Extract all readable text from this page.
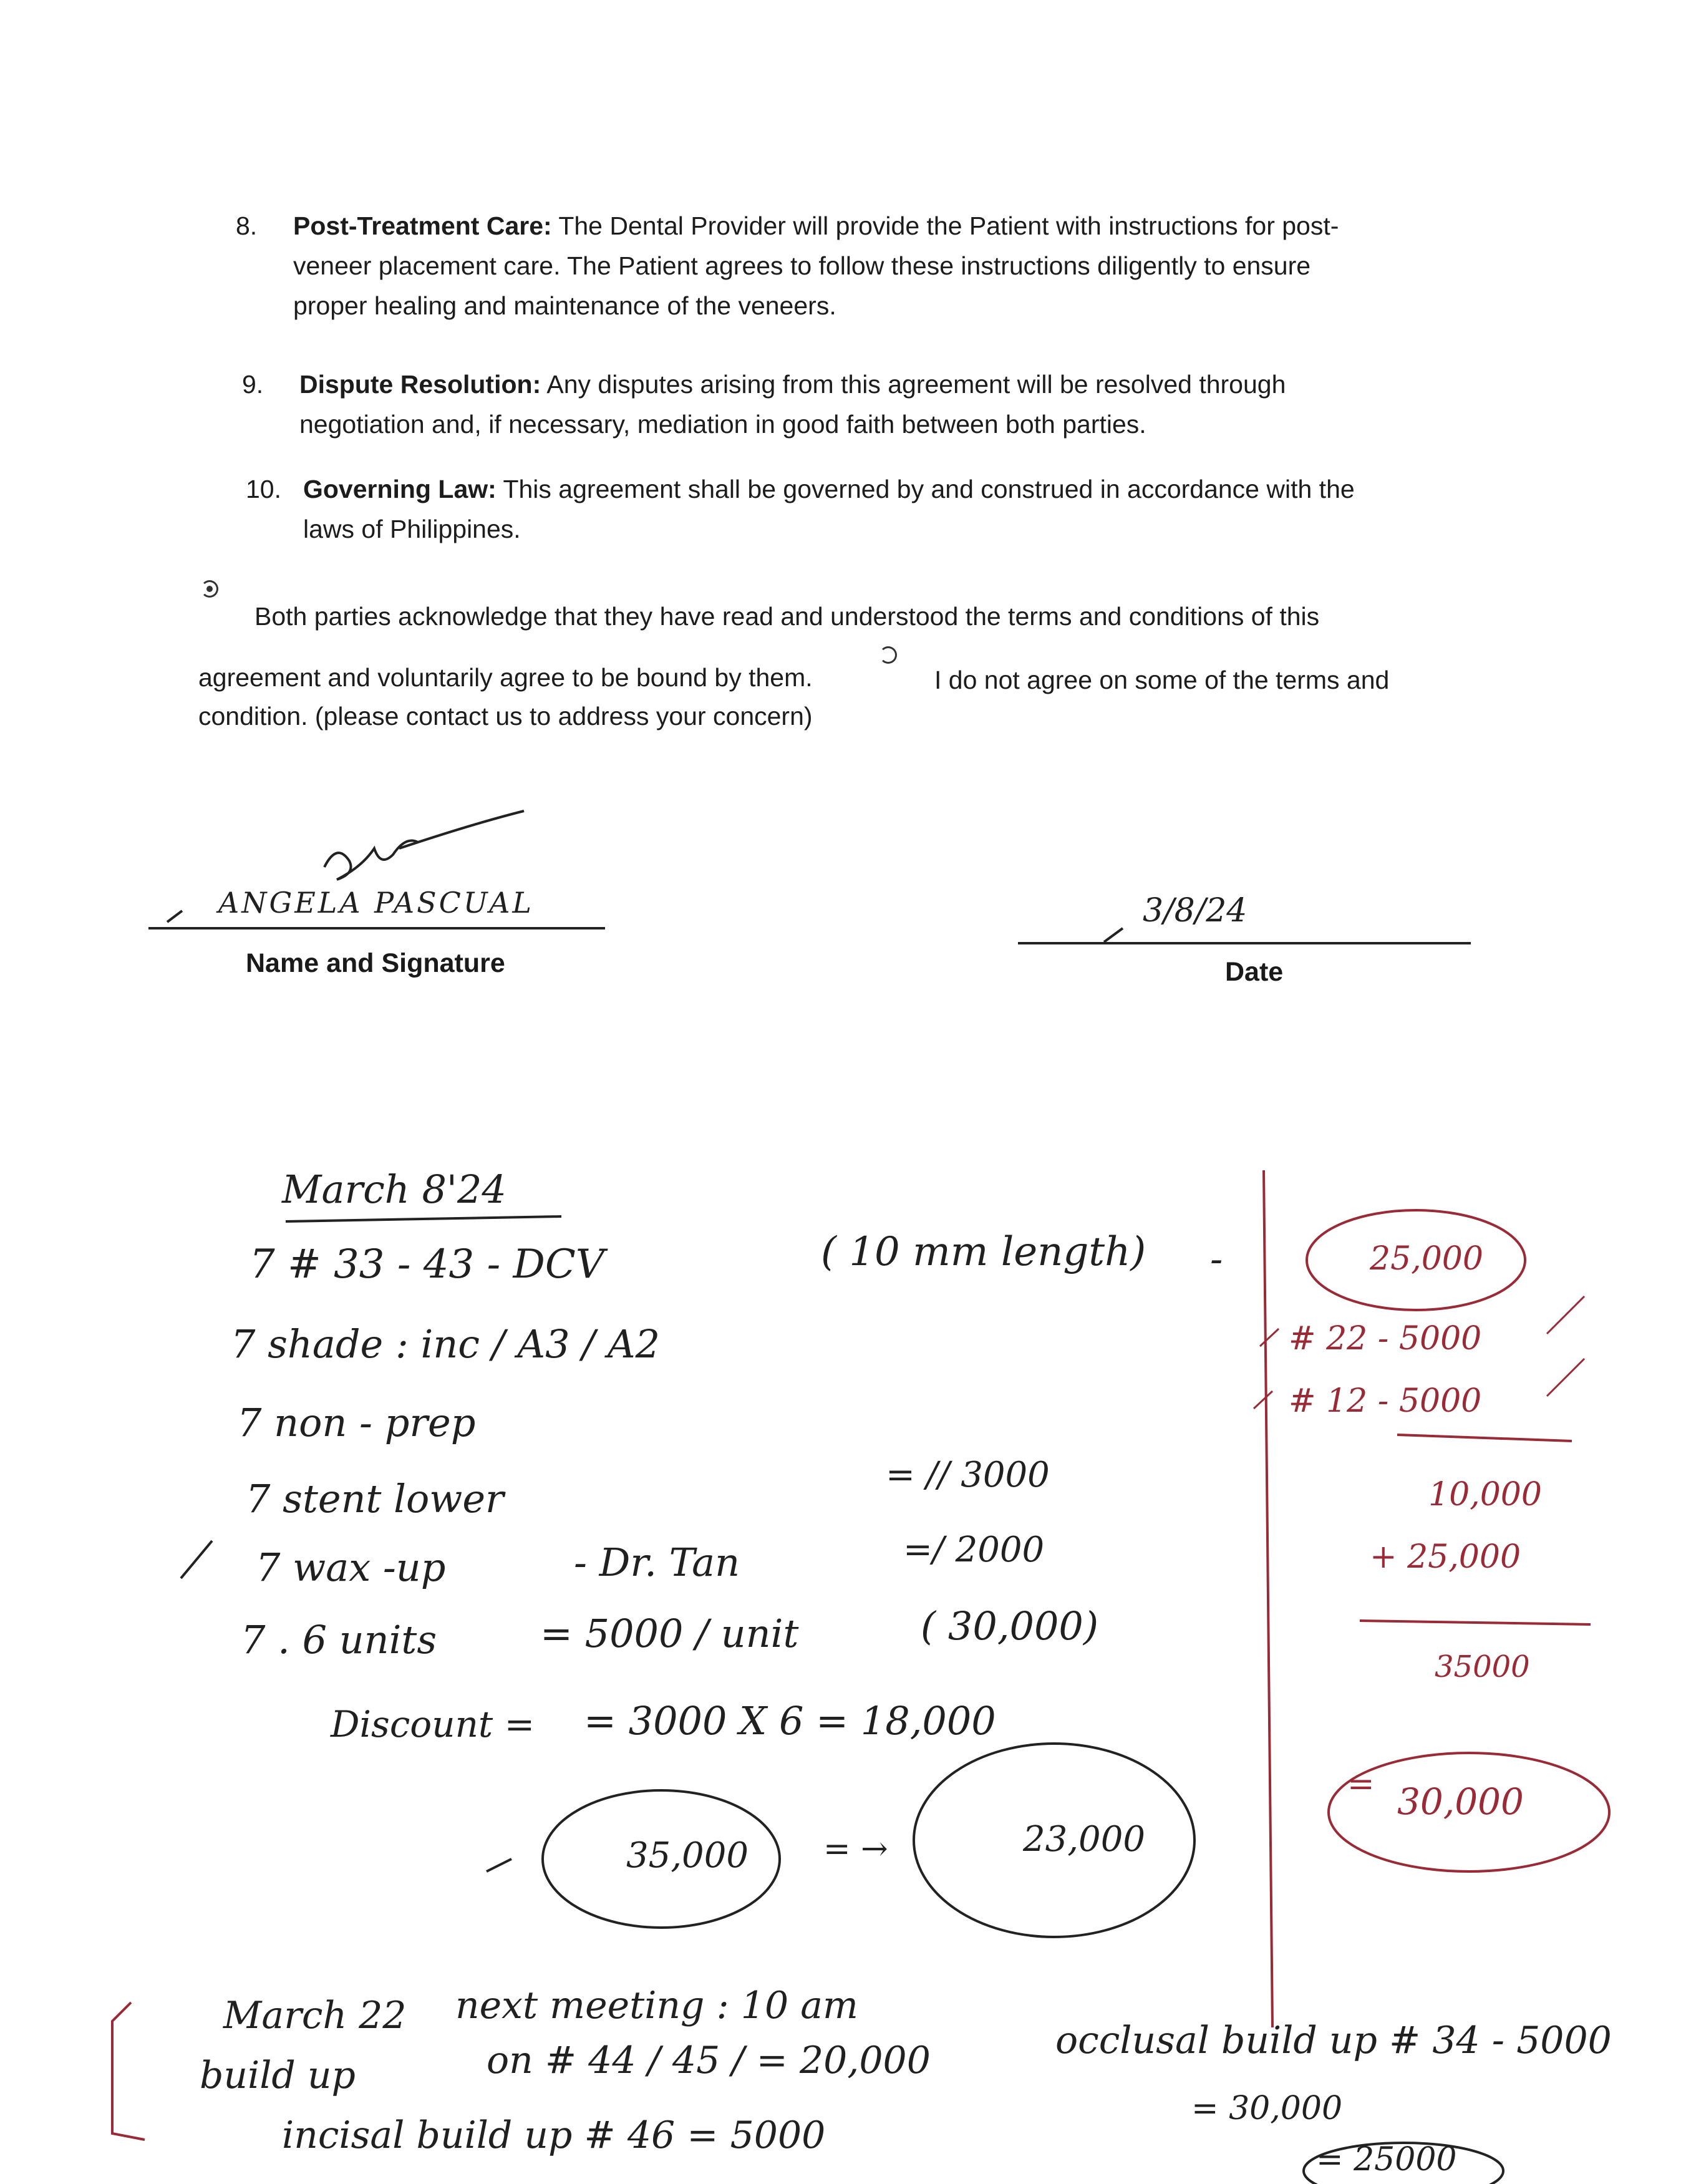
8. Post-Treatment Care: The Dental Provider will provide the Patient with instructions for post-
veneer placement care. The Patient agrees to follow these instructions diligently to ensure
proper healing and maintenance of the veneers.
9. Dispute Resolution: Any disputes arising from this agreement will be resolved through
negotiation and, if necessary, mediation in good faith between both parties.
10. Governing Law: This agreement shall be governed by and construed in accordance with the
laws of Philippines.
Both parties acknowledge that they have read and understood the terms and conditions of this
agreement and voluntarily agree to be bound by them.	I do not agree on some of the terms and
condition. (please contact us to address your concern)
ANGELA PASCUAL
Name and Signature
3/8/24
Date
March 8'24
7 # 33 - 43 - DCV	( 10 mm length) -
7 shade : inc / A3 / A2
7 non - prep
7 stent lower
= // 3000
7 wax -up	- Dr. Tan	=/ 2000
7 . 6 units	= 5000 / unit	( 30,000)
Discount = = 3000 X 6 = 18,000
35,000 = →	23,000
25,000
# 22 - 5000
# 12 - 5000
10,000
+ 25,000
35000
= 30,000
March 22 next meeting : 10 am
build up	on # 44 / 45 / = 20,000
incisal build up # 46 = 5000
occlusal build up # 34 - 5000
= 30,000
= 25000
